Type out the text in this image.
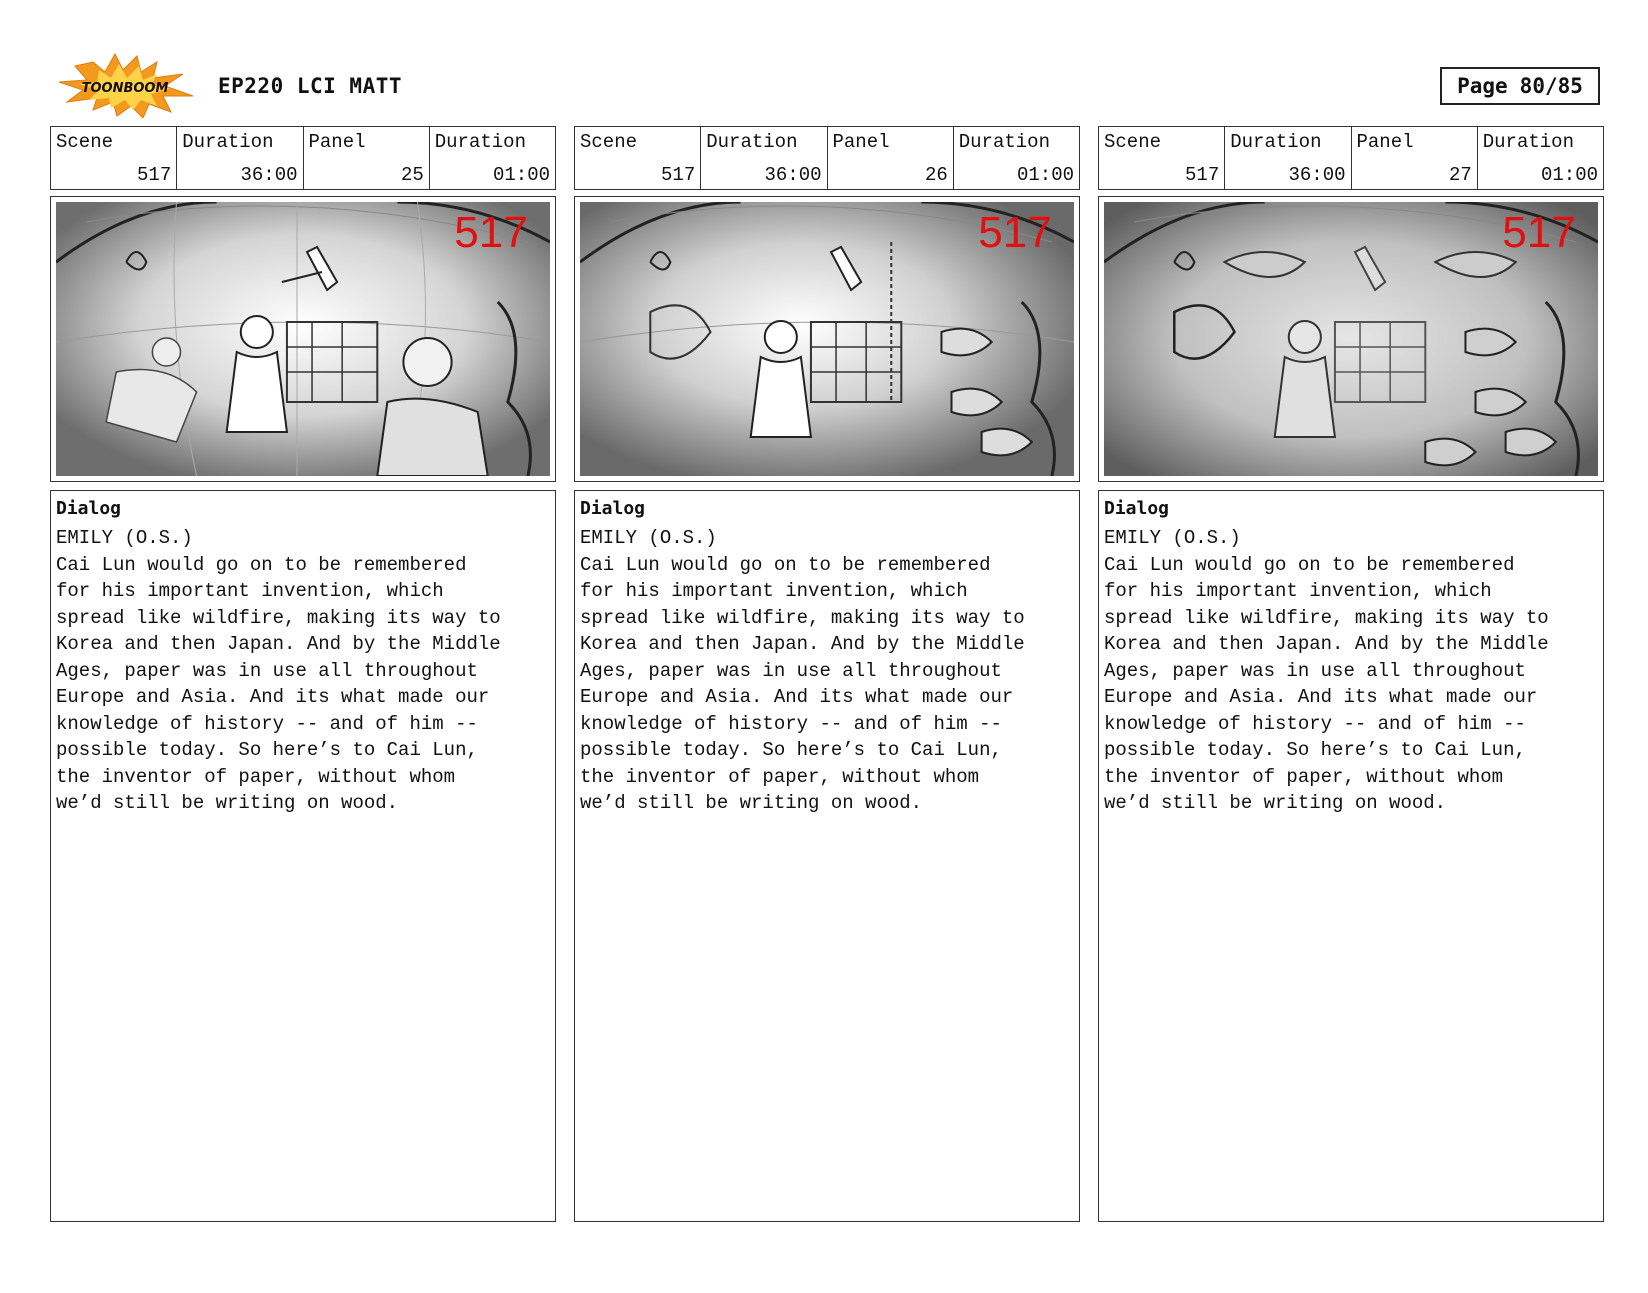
TOONBOOM EP220 LCI MATT	Page 80/85
Scene
517
Duration
36:00
Panel
25
Duration
01:00
517
Dialog
EMILY (O.S.)
Cai Lun would go on to be remembered
for his important invention, which
spread like wildfire, making its way to
Korea and then Japan. And by the Middle
Ages, paper was in use all throughout
Europe and Asia. And its what made our
knowledge of history -- and of him --
possible today. So here’s to Cai Lun,
the inventor of paper, without whom
we’d still be writing on wood.
Scene
517
Duration
36:00
Panel
26
Duration
01:00
517
Dialog
EMILY (O.S.)
Cai Lun would go on to be remembered
for his important invention, which
spread like wildfire, making its way to
Korea and then Japan. And by the Middle
Ages, paper was in use all throughout
Europe and Asia. And its what made our
knowledge of history -- and of him --
possible today. So here’s to Cai Lun,
the inventor of paper, without whom
we’d still be writing on wood.
Scene
517
Duration
36:00
Panel
27
Duration
01:00
517
Dialog
EMILY (O.S.)
Cai Lun would go on to be remembered
for his important invention, which
spread like wildfire, making its way to
Korea and then Japan. And by the Middle
Ages, paper was in use all throughout
Europe and Asia. And its what made our
knowledge of history -- and of him --
possible today. So here’s to Cai Lun,
the inventor of paper, without whom
we’d still be writing on wood.
